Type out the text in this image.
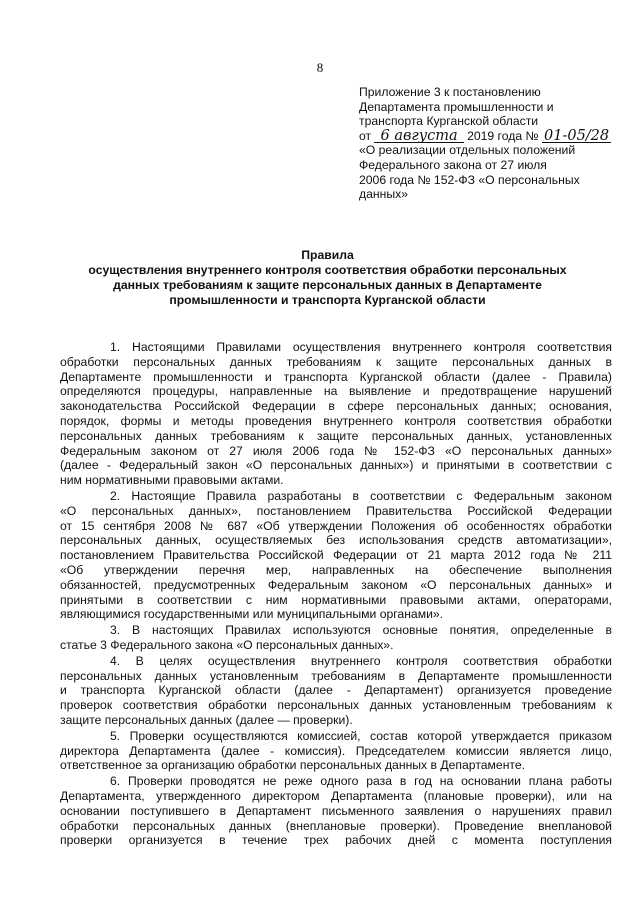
8
Приложение 3 к постановлению
Департамента промышленности и
транспорта Курганской области
от 6 августа 2019 года № 01-05/28
«О реализации отдельных положений
Федерального закона от 27 июля
2006 года № 152-ФЗ «О персональных
данных»
Правила
осуществления внутреннего контроля соответствия обработки персональных
данных требованиям к защите персональных данных в Департаменте
промышленности и транспорта Курганской области
1. Настоящими Правилами осуществления внутреннего контроля соответствия
обработки персональных данных требованиям к защите персональных данных в
Департаменте промышленности и транспорта Курганской области (далее - Правила)
определяются процедуры, направленные на выявление и предотвращение нарушений
законодательства Российской Федерации в сфере персональных данных; основания,
порядок, формы и методы проведения внутреннего контроля соответствия обработки
персональных данных требованиям к защите персональных данных, установленных
Федеральным законом от 27 июля 2006 года № 152-ФЗ «О персональных данных»
(далее - Федеральный закон «О персональных данных») и принятыми в соответствии с
ним нормативными правовыми актами.
2. Настоящие Правила разработаны в соответствии с Федеральным законом
«О персональных данных», постановлением Правительства Российской Федерации
от 15 сентября 2008 № 687 «Об утверждении Положения об особенностях обработки
персональных данных, осуществляемых без использования средств автоматизации»,
постановлением Правительства Российской Федерации от 21 марта 2012 года № 211
«Об утверждении перечня мер, направленных на обеспечение выполнения
обязанностей, предусмотренных Федеральным законом «О персональных данных» и
принятыми в соответствии с ним нормативными правовыми актами, операторами,
являющимися государственными или муниципальными органами».
3. В настоящих Правилах используются основные понятия, определенные в
статье 3 Федерального закона «О персональных данных».
4. В целях осуществления внутреннего контроля соответствия обработки
персональных данных установленным требованиям в Департаменте промышленности
и транспорта Курганской области (далее - Департамент) организуется проведение
проверок соответствия обработки персональных данных установленным требованиям к
защите персональных данных (далее — проверки).
5. Проверки осуществляются комиссией, состав которой утверждается приказом
директора Департамента (далее - комиссия). Председателем комиссии является лицо,
ответственное за организацию обработки персональных данных в Департаменте.
6. Проверки проводятся не реже одного раза в год на основании плана работы
Департамента, утвержденного директором Департамента (плановые проверки), или на
основании поступившего в Департамент письменного заявления о нарушениях правил
обработки персональных данных (внеплановые проверки). Проведение внеплановой
проверки организуется в течение трех рабочих дней с момента поступления
